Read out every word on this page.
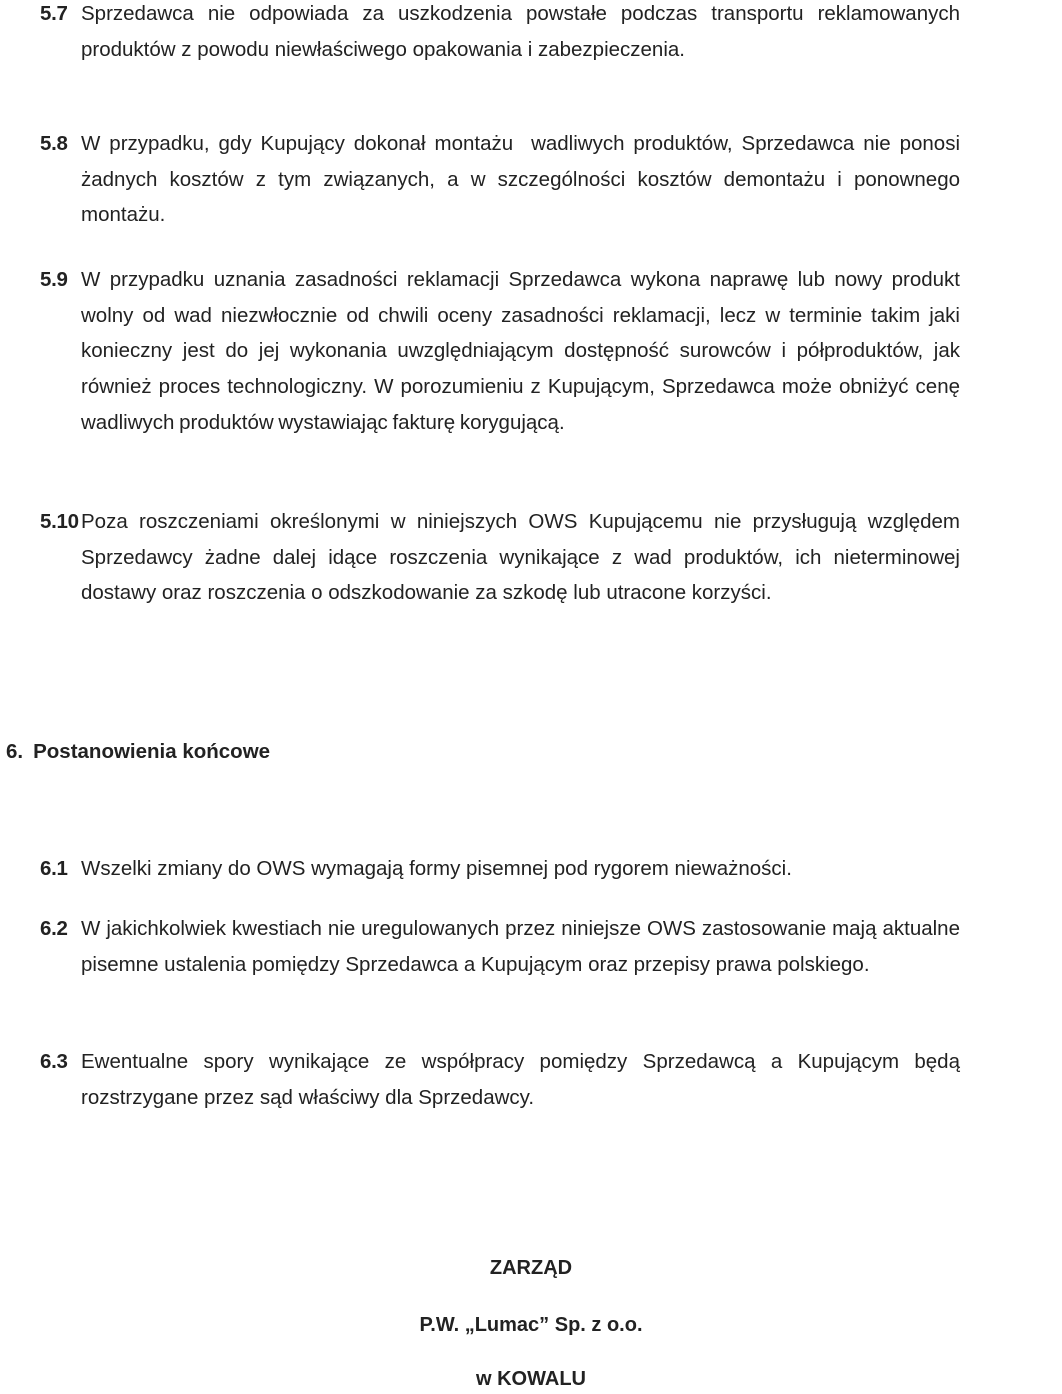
5.7 Sprzedawca nie odpowiada za uszkodzenia powstałe podczas transportu reklamowanych produktów z powodu niewłaściwego opakowania i zabezpieczenia.
5.8 W przypadku, gdy Kupujący dokonał montażu  wadliwych produktów, Sprzedawca nie ponosi żadnych kosztów z tym związanych, a w szczególności kosztów demontażu i ponownego montażu.
5.9 W przypadku uznania zasadności reklamacji Sprzedawca wykona naprawę lub nowy produkt wolny od wad niezwłocznie od chwili oceny zasadności reklamacji, lecz w terminie takim jaki konieczny jest do jej wykonania uwzględniającym dostępność surowców i półproduktów, jak również proces technologiczny. W porozumieniu z Kupującym, Sprzedawca może obniżyć cenę wadliwych produktów wystawiając fakturę korygującą.
5.10 Poza roszczeniami określonymi w niniejszych OWS Kupującemu nie przysługują względem Sprzedawcy żadne dalej idące roszczenia wynikające z wad produktów, ich nieterminowej dostawy oraz roszczenia o odszkodowanie za szkodę lub utracone korzyści.
6. Postanowienia końcowe
6.1 Wszelki zmiany do OWS wymagają formy pisemnej pod rygorem nieważności.
6.2 W jakichkolwiek kwestiach nie uregulowanych przez niniejsze OWS zastosowanie mają aktualne pisemne ustalenia pomiędzy Sprzedawca a Kupującym oraz przepisy prawa polskiego.
6.3 Ewentualne spory wynikające ze współpracy pomiędzy Sprzedawcą a Kupującym będą rozstrzygane przez sąd właściwy dla Sprzedawcy.
ZARZĄD
P.W. „Lumac” Sp. z o.o.
w KOWALU
